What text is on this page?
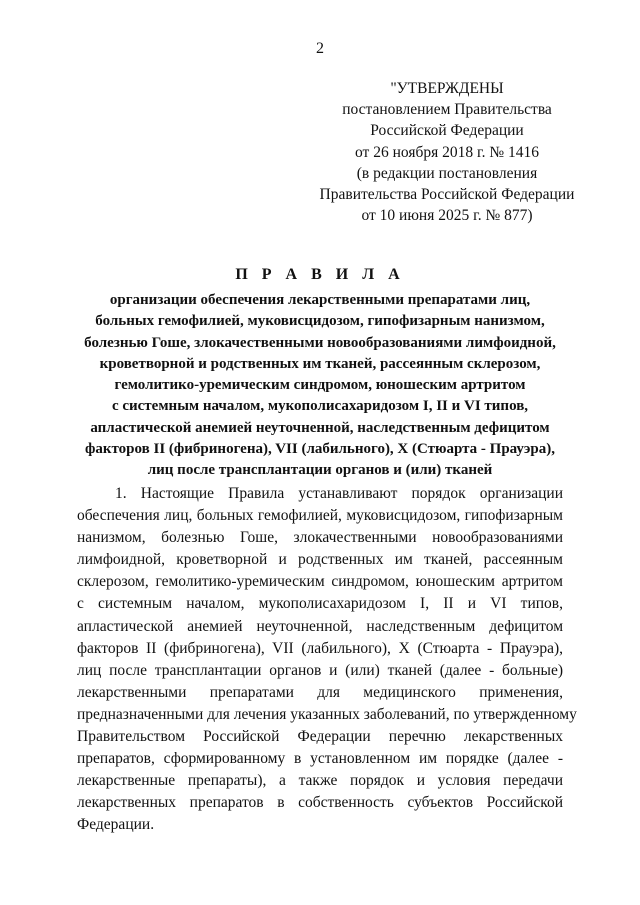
2
"УТВЕРЖДЕНЫ
постановлением Правительства
Российской Федерации
от 26 ноября 2018 г. № 1416
(в редакции постановления
Правительства Российской Федерации
от 10 июня 2025 г. № 877)
П Р А В И Л А
организации обеспечения лекарственными препаратами лиц,
больных гемофилией, муковисцидозом, гипофизарным нанизмом,
болезнью Гоше, злокачественными новообразованиями лимфоидной,
кроветворной и родственных им тканей, рассеянным склерозом,
гемолитико-уремическим синдромом, юношеским артритом
с системным началом, мукополисахаридозом I, II и VI типов,
апластической анемией неуточненной, наследственным дефицитом
факторов II (фибриногена), VII (лабильного), X (Стюарта - Прауэра),
лиц после трансплантации органов и (или) тканей
1. Настоящие Правила устанавливают порядок организации
обеспечения лиц, больных гемофилией, муковисцидозом, гипофизарным
нанизмом, болезнью Гоше, злокачественными новообразованиями
лимфоидной, кроветворной и родственных им тканей, рассеянным
склерозом, гемолитико-уремическим синдромом, юношеским артритом
с системным началом, мукополисахаридозом I, II и VI типов,
апластической анемией неуточненной, наследственным дефицитом
факторов II (фибриногена), VII (лабильного), X (Стюарта - Прауэра),
лиц после трансплантации органов и (или) тканей (далее - больные)
лекарственными препаратами для медицинского применения,
предназначенными для лечения указанных заболеваний, по утвержденному
Правительством Российской Федерации перечню лекарственных
препаратов, сформированному в установленном им порядке (далее -
лекарственные препараты), а также порядок и условия передачи
лекарственных препаратов в собственность субъектов Российской
Федерации.
